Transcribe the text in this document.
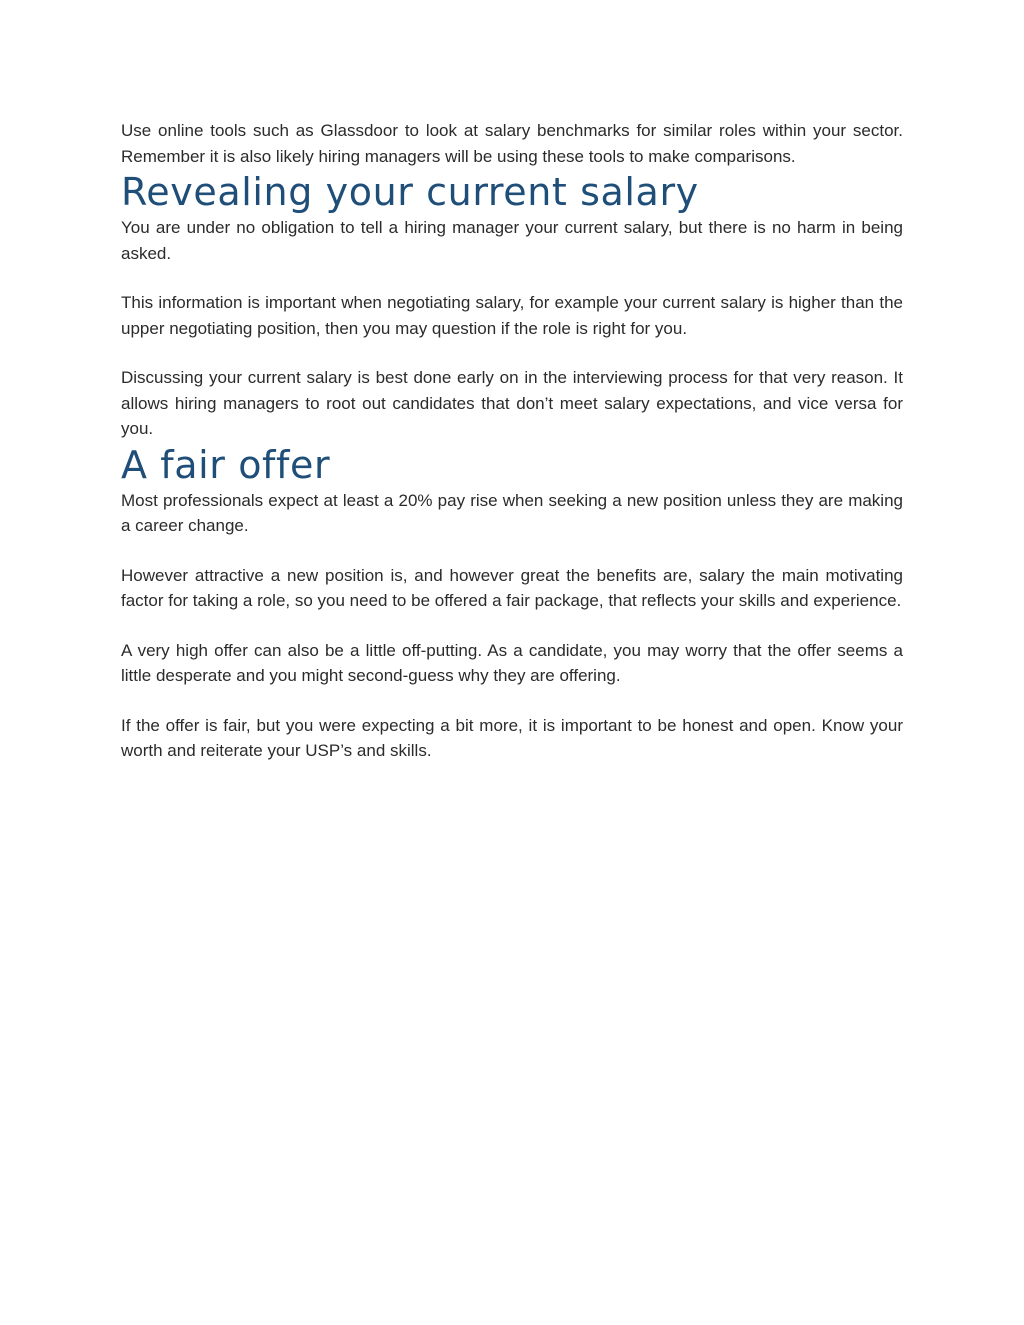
Use online tools such as Glassdoor to look at salary benchmarks for similar roles within your sector. Remember it is also likely hiring managers will be using these tools to make comparisons.

Revealing your current salary

You are under no obligation to tell a hiring manager your current salary, but there is no harm in being asked.

This information is important when negotiating salary, for example your current salary is higher than the upper negotiating position, then you may question if the role is right for you.

Discussing your current salary is best done early on in the interviewing process for that very reason. It allows hiring managers to root out candidates that don’t meet salary expectations, and vice versa for you.

A fair offer

Most professionals expect at least a 20% pay rise when seeking a new position unless they are making a career change.

However attractive a new position is, and however great the benefits are, salary the main motivating factor for taking a role, so you need to be offered a fair package, that reflects your skills and experience.

A very high offer can also be a little off-putting. As a candidate, you may worry that the offer seems a little desperate and you might second-guess why they are offering.

If the offer is fair, but you were expecting a bit more, it is important to be honest and open. Know your worth and reiterate your USP’s and skills.
